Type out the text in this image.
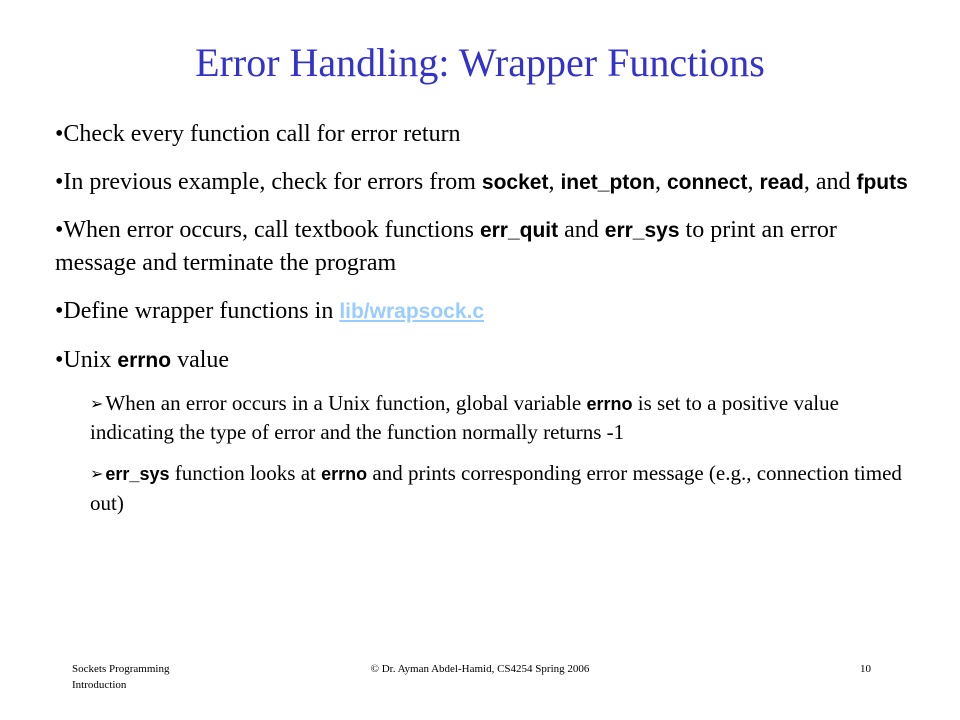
Error Handling: Wrapper Functions
•Check every function call for error return
•In previous example, check for errors from socket, inet_pton, connect, read, and fputs
•When error occurs, call textbook functions err_quit and err_sys to print an error message and terminate the program
•Define wrapper functions in lib/wrapsock.c
•Unix errno value
➢When an error occurs in a Unix function, global variable errno is set to a positive value indicating the type of error and the function normally returns -1
➢ err_sys function looks at errno and prints corresponding error message (e.g., connection timed out)
Sockets Programming
Introduction
© Dr. Ayman Abdel-Hamid, CS4254 Spring 2006	10
